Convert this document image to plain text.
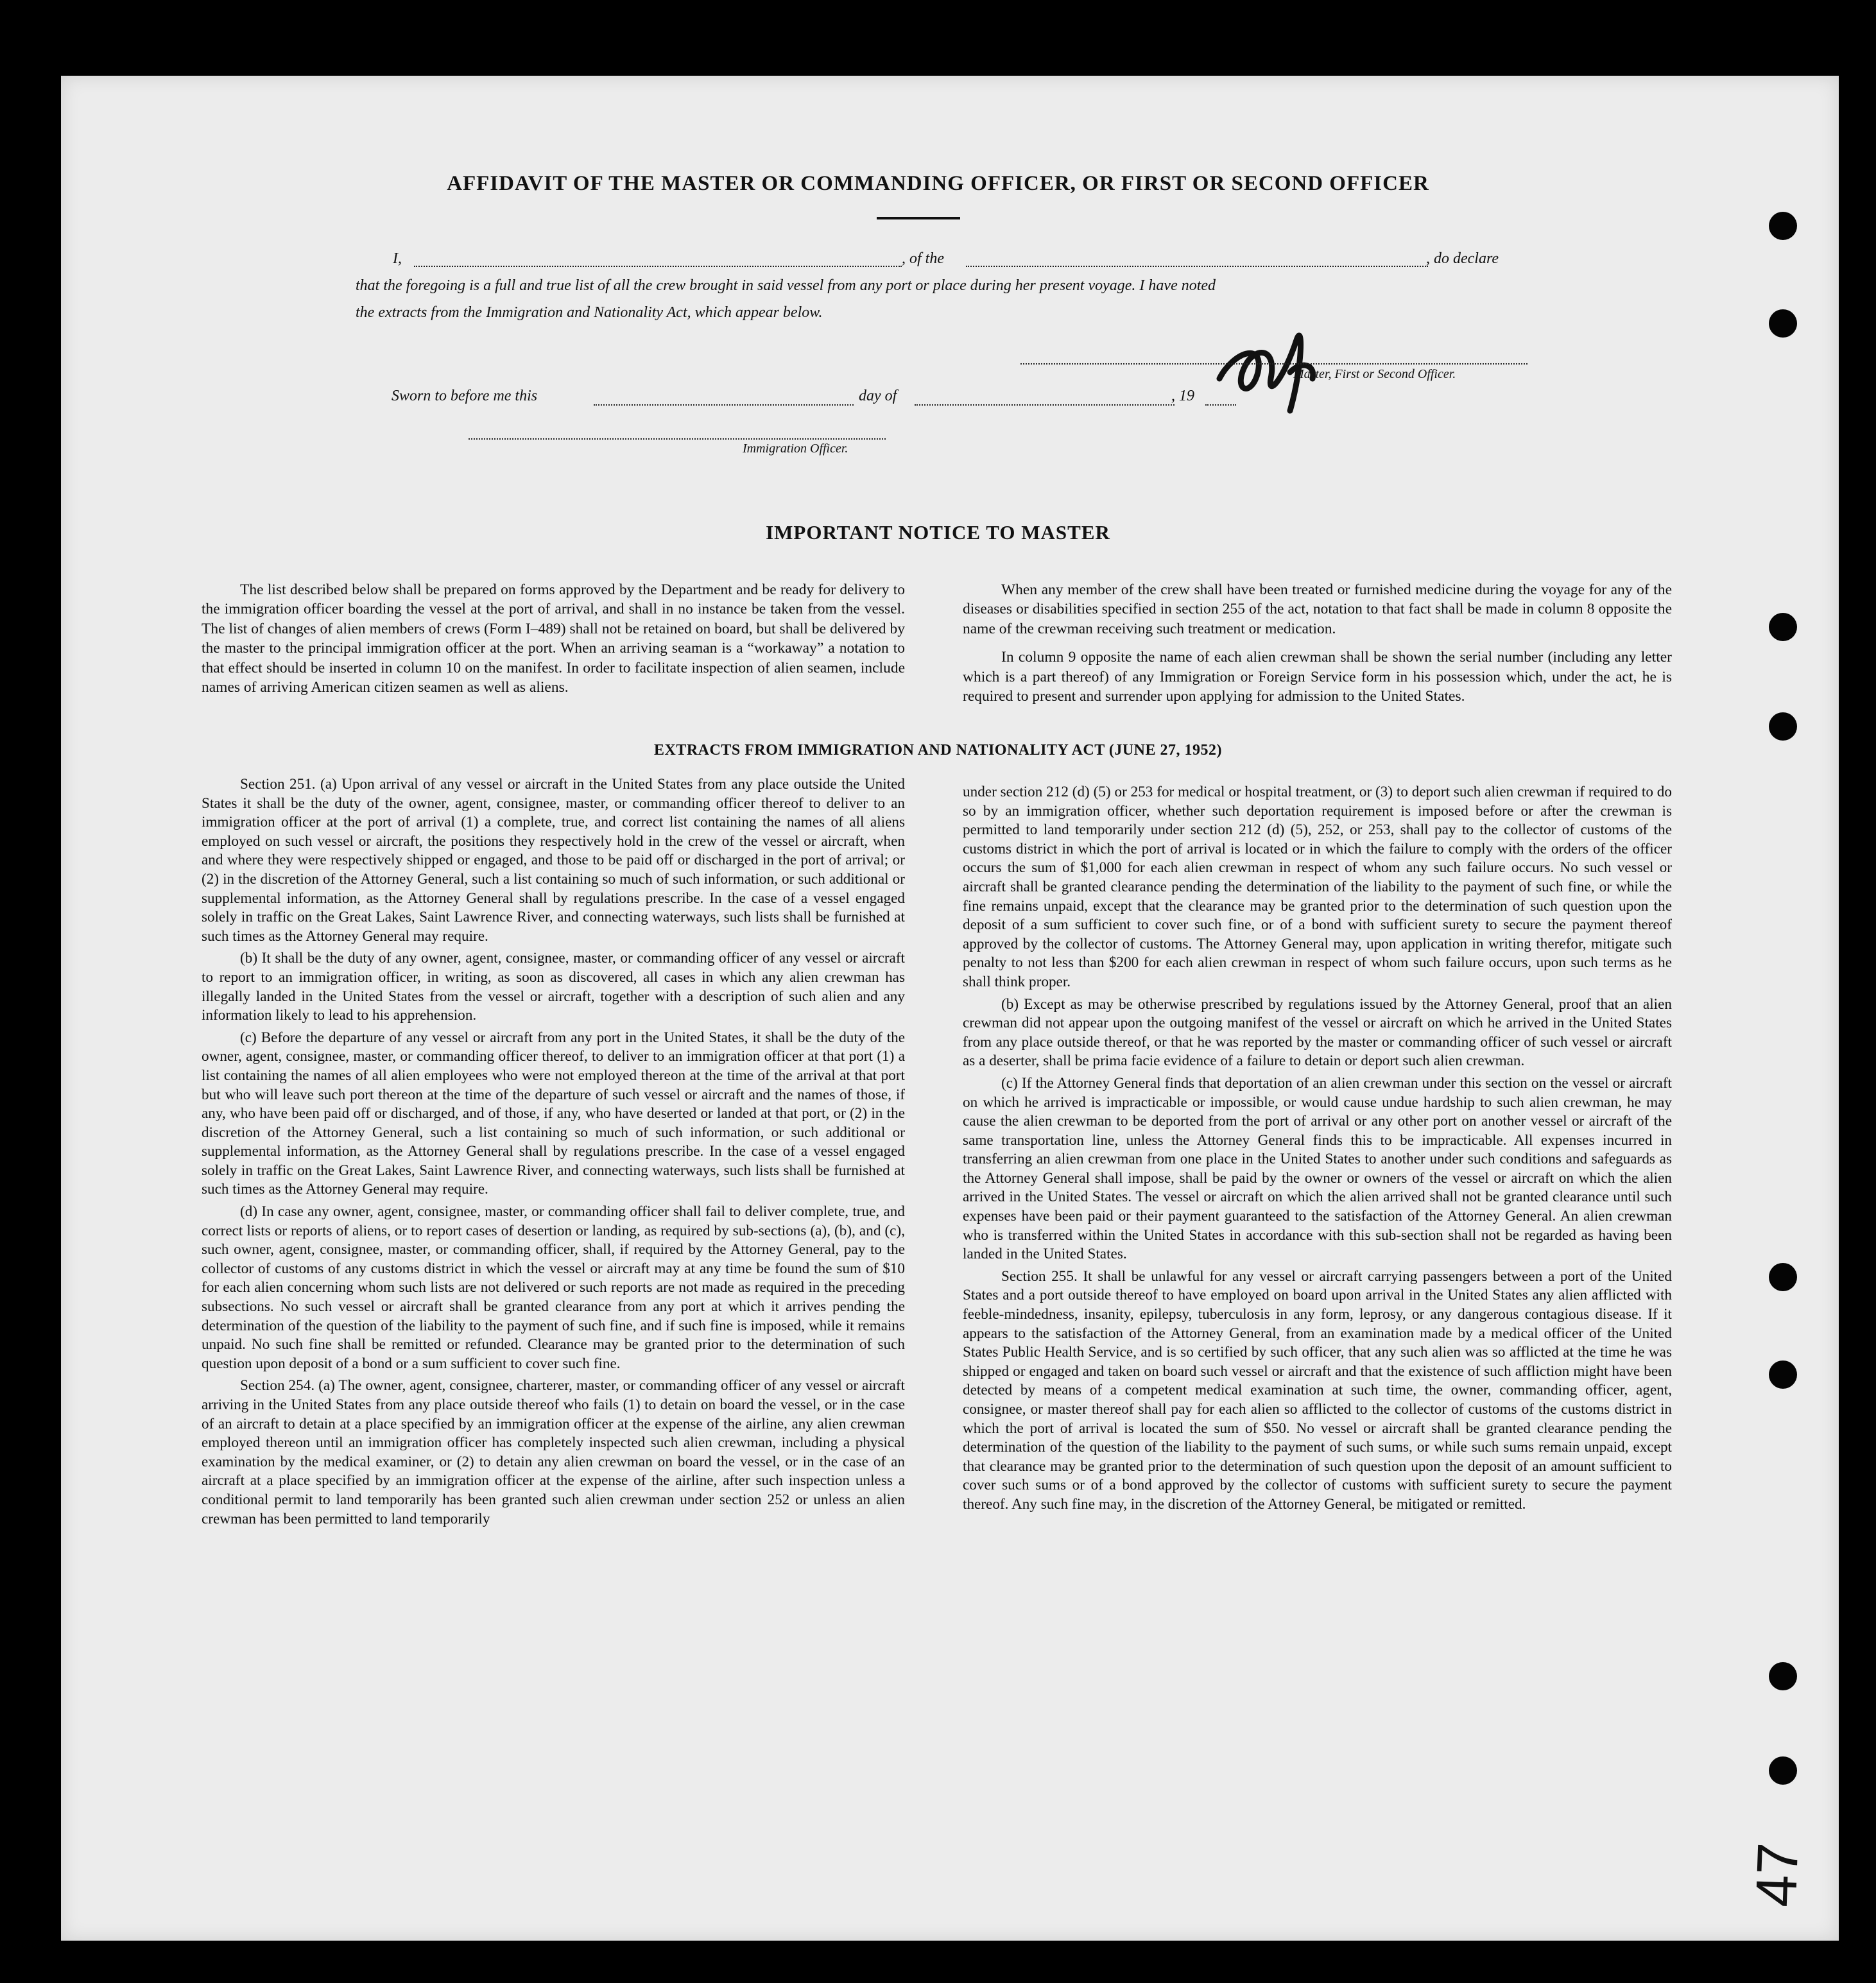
AFFIDAVIT OF THE MASTER OR COMMANDING OFFICER, OR FIRST OR SECOND OFFICER
I,	, of the	, do declare
that the foregoing is a full and true list of all the crew brought in said vessel from any port or place during her present voyage. I have noted
the extracts from the Immigration and Nationality Act, which appear below.
Master, First or Second Officer.
Sworn to before me this	day of	, 19
Immigration Officer.
IMPORTANT NOTICE TO MASTER

The list described below shall be prepared on forms approved by the Department and be ready for delivery to the immigration officer boarding the vessel at the port of arrival, and shall in no instance be taken from the vessel. The list of changes of alien members of crews (Form I–489) shall not be retained on board, but shall be delivered by the master to the principal immigration officer at the port. When an arriving seaman is a “workaway” a notation to that effect should be inserted in column 10 on the manifest. In order to facilitate inspection of alien seamen, include names of arriving American citizen seamen as well as aliens.

When any member of the crew shall have been treated or furnished medicine during the voyage for any of the diseases or disabilities specified in section 255 of the act, notation to that fact shall be made in column 8 opposite the name of the crewman receiving such treatment or medication.

In column 9 opposite the name of each alien crewman shall be shown the serial number (including any letter which is a part thereof) of any Immigration or Foreign Service form in his possession which, under the act, he is required to present and surrender upon applying for admission to the United States.

EXTRACTS FROM IMMIGRATION AND NATIONALITY ACT (JUNE 27, 1952)

Section 251. (a) Upon arrival of any vessel or aircraft in the United States from any place outside the United States it shall be the duty of the owner, agent, consignee, master, or commanding officer thereof to deliver to an immigration officer at the port of arrival (1) a complete, true, and correct list containing the names of all aliens employed on such vessel or aircraft, the positions they respectively hold in the crew of the vessel or aircraft, when and where they were respectively shipped or engaged, and those to be paid off or discharged in the port of arrival; or (2) in the discretion of the Attorney General, such a list containing so much of such information, or such additional or supplemental information, as the Attorney General shall by regulations prescribe. In the case of a vessel engaged solely in traffic on the Great Lakes, Saint Lawrence River, and connecting waterways, such lists shall be furnished at such times as the Attorney General may require.

(b) It shall be the duty of any owner, agent, consignee, master, or commanding officer of any vessel or aircraft to report to an immigration officer, in writing, as soon as discovered, all cases in which any alien crewman has illegally landed in the United States from the vessel or aircraft, together with a description of such alien and any information likely to lead to his apprehension.

(c) Before the departure of any vessel or aircraft from any port in the United States, it shall be the duty of the owner, agent, consignee, master, or commanding officer thereof, to deliver to an immigration officer at that port (1) a list containing the names of all alien employees who were not employed thereon at the time of the arrival at that port but who will leave such port thereon at the time of the departure of such vessel or aircraft and the names of those, if any, who have been paid off or discharged, and of those, if any, who have deserted or landed at that port, or (2) in the discretion of the Attorney General, such a list containing so much of such information, or such additional or supplemental information, as the Attorney General shall by regulations prescribe. In the case of a vessel engaged solely in traffic on the Great Lakes, Saint Lawrence River, and connecting waterways, such lists shall be furnished at such times as the Attorney General may require.

(d) In case any owner, agent, consignee, master, or commanding officer shall fail to deliver complete, true, and correct lists or reports of aliens, or to report cases of desertion or landing, as required by sub-sections (a), (b), and (c), such owner, agent, consignee, master, or commanding officer, shall, if required by the Attorney General, pay to the collector of customs of any customs district in which the vessel or aircraft may at any time be found the sum of $10 for each alien concerning whom such lists are not delivered or such reports are not made as required in the preceding subsections. No such vessel or aircraft shall be granted clearance from any port at which it arrives pending the determination of the question of the liability to the payment of such fine, and if such fine is imposed, while it remains unpaid. No such fine shall be remitted or refunded. Clearance may be granted prior to the determination of such question upon deposit of a bond or a sum sufficient to cover such fine.

Section 254. (a) The owner, agent, consignee, charterer, master, or commanding officer of any vessel or aircraft arriving in the United States from any place outside thereof who fails (1) to detain on board the vessel, or in the case of an aircraft to detain at a place specified by an immigration officer at the expense of the airline, any alien crewman employed thereon until an immigration officer has completely inspected such alien crewman, including a physical examination by the medical examiner, or (2) to detain any alien crewman on board the vessel, or in the case of an aircraft at a place specified by an immigration officer at the expense of the airline, after such inspection unless a conditional permit to land temporarily has been granted such alien crewman under section 252 or unless an alien crewman has been permitted to land temporarily

under section 212 (d) (5) or 253 for medical or hospital treatment, or (3) to deport such alien crewman if required to do so by an immigration officer, whether such deportation requirement is imposed before or after the crewman is permitted to land temporarily under section 212 (d) (5), 252, or 253, shall pay to the collector of customs of the customs district in which the port of arrival is located or in which the failure to comply with the orders of the officer occurs the sum of $1,000 for each alien crewman in respect of whom any such failure occurs. No such vessel or aircraft shall be granted clearance pending the determination of the liability to the payment of such fine, or while the fine remains unpaid, except that the clearance may be granted prior to the determination of such question upon the deposit of a sum sufficient to cover such fine, or of a bond with sufficient surety to secure the payment thereof approved by the collector of customs. The Attorney General may, upon application in writing therefor, mitigate such penalty to not less than $200 for each alien crewman in respect of whom such failure occurs, upon such terms as he shall think proper.

(b) Except as may be otherwise prescribed by regulations issued by the Attorney General, proof that an alien crewman did not appear upon the outgoing manifest of the vessel or aircraft on which he arrived in the United States from any place outside thereof, or that he was reported by the master or commanding officer of such vessel or aircraft as a deserter, shall be prima facie evidence of a failure to detain or deport such alien crewman.

(c) If the Attorney General finds that deportation of an alien crewman under this section on the vessel or aircraft on which he arrived is impracticable or impossible, or would cause undue hardship to such alien crewman, he may cause the alien crewman to be deported from the port of arrival or any other port on another vessel or aircraft of the same transportation line, unless the Attorney General finds this to be impracticable. All expenses incurred in transferring an alien crewman from one place in the United States to another under such conditions and safeguards as the Attorney General shall impose, shall be paid by the owner or owners of the vessel or aircraft on which the alien arrived in the United States. The vessel or aircraft on which the alien arrived shall not be granted clearance until such expenses have been paid or their payment guaranteed to the satisfaction of the Attorney General. An alien crewman who is transferred within the United States in accordance with this sub-section shall not be regarded as having been landed in the United States.

Section 255. It shall be unlawful for any vessel or aircraft carrying passengers between a port of the United States and a port outside thereof to have employed on board upon arrival in the United States any alien afflicted with feeble-mindedness, insanity, epilepsy, tuberculosis in any form, leprosy, or any dangerous contagious disease. If it appears to the satisfaction of the Attorney General, from an examination made by a medical officer of the United States Public Health Service, and is so certified by such officer, that any such alien was so afflicted at the time he was shipped or engaged and taken on board such vessel or aircraft and that the existence of such affliction might have been detected by means of a competent medical examination at such time, the owner, commanding officer, agent, consignee, or master thereof shall pay for each alien so afflicted to the collector of customs of the customs district in which the port of arrival is located the sum of $50. No vessel or aircraft shall be granted clearance pending the determination of the question of the liability to the payment of such sums, or while such sums remain unpaid, except that clearance may be granted prior to the determination of such question upon the deposit of an amount sufficient to cover such sums or of a bond approved by the collector of customs with sufficient surety to secure the payment thereof. Any such fine may, in the discretion of the Attorney General, be mitigated or remitted.

47
